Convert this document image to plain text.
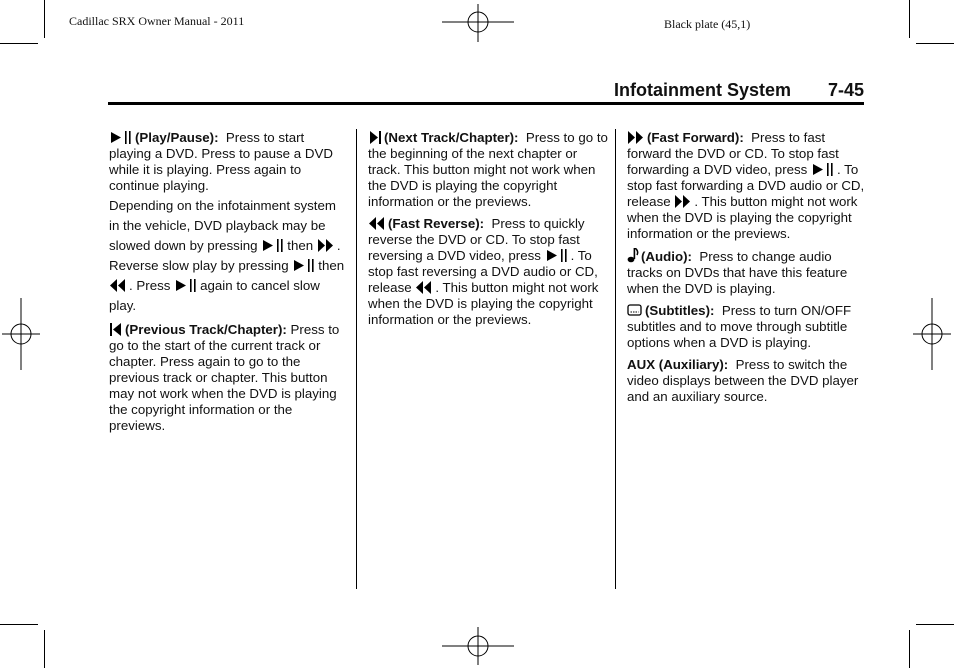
Cadillac SRX Owner Manual - 2011	Black plate (45,1)
Infotainment System 7-45

(Play/Pause): Press to start playing a DVD. Press to pause a DVD while it is playing. Press again to continue playing.

Depending on the infotainment system in the vehicle, DVD playback may be slowed down by pressing then . Reverse slow play by pressing then
. Press again to cancel slow play.

(Previous Track/Chapter): Press to go to the start of the current track or chapter. Press again to go to the previous track or chapter. This button may not work when the DVD is playing the copyright information or the previews.

(Next Track/Chapter): Press to go to the beginning of the next chapter or track. This button might not work when the DVD is playing the copyright information or the previews.

(Fast Reverse): Press to quickly reverse the DVD or CD. To stop fast reversing a DVD video, press . To stop fast reversing a DVD audio or CD, release . This button might not work when the DVD is playing the copyright information or the previews.

(Fast Forward): Press to fast forward the DVD or CD. To stop fast forwarding a DVD video, press . To stop fast forwarding a DVD audio or CD, release . This button might not work when the DVD is playing the copyright information or the previews.

(Audio): Press to change audio tracks on DVDs that have this feature when the DVD is playing.

(Subtitles): Press to turn ON/OFF subtitles and to move through subtitle options when a DVD is playing.

AUX (Auxiliary): Press to switch the video displays between the DVD player and an auxiliary source.
